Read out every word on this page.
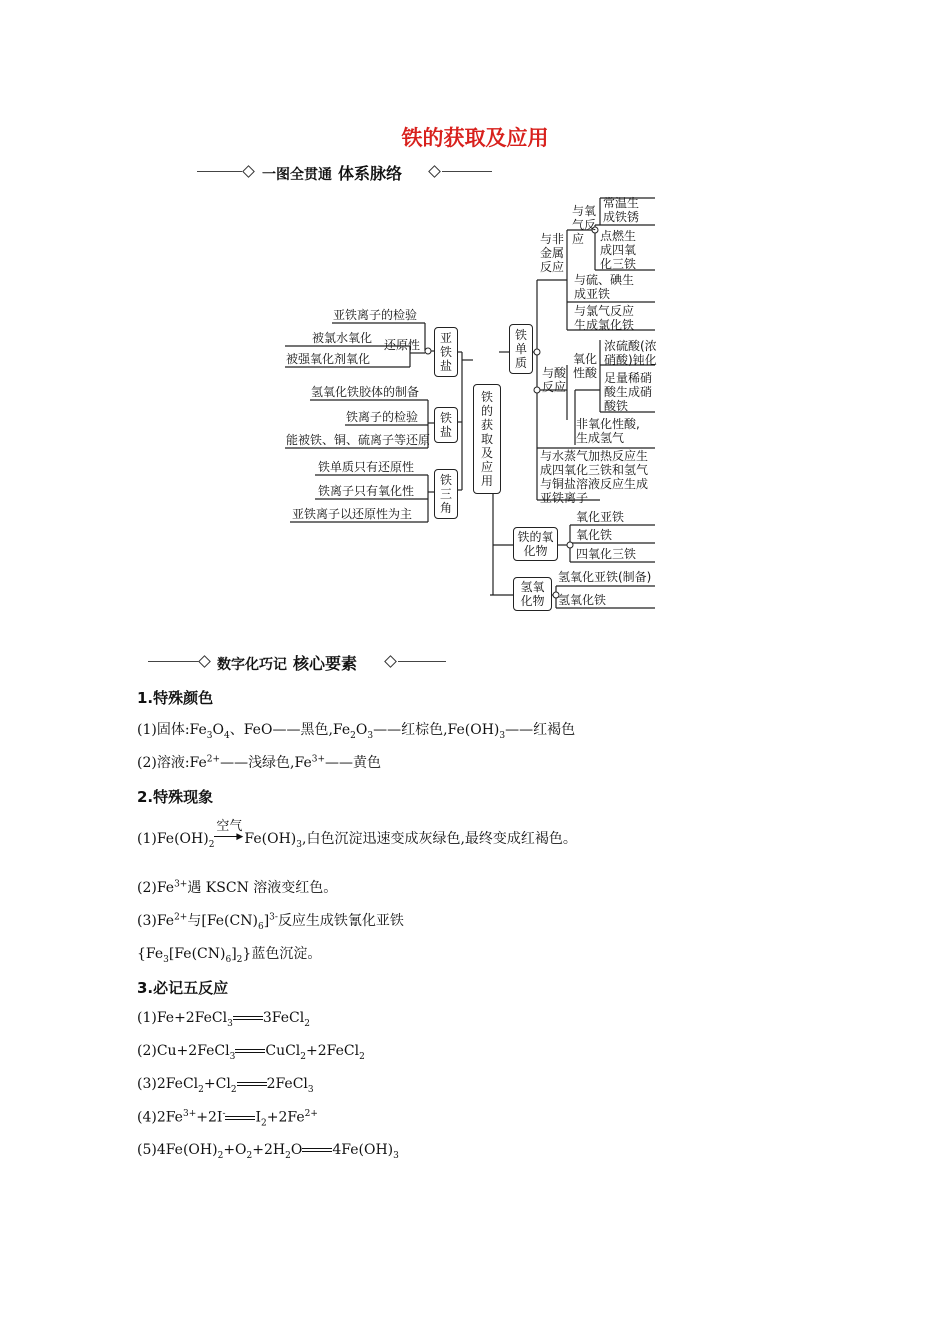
铁的获取及应用
一图全贯通 体系脉络
铁的获取及应用
亚铁盐
亚铁离子的检验
被氯水氧化
被强氧化剂氧化
还原性
铁盐
氢氧化铁胶体的制备
铁离子的检验
能被铁、铜、硫离子等还原
铁三角
铁单质只有还原性
铁离子只有氧化性
亚铁离子以还原性为主
铁单质
与非金属反应
与氧气反应
常温生成铁锈
点燃生成四氧化三铁
与硫、碘生成亚铁
与氯气反应生成氯化铁
与酸反应
氧化性酸
浓硫酸(浓硝酸)钝化
足量稀硝酸生成硝酸铁
非氧化性酸,生成氢气
与水蒸气加热反应生成四氧化三铁和氢气
与铜盐溶液反应生成亚铁离子
铁的氧化物
氧化亚铁
氧化铁
四氧化三铁
氢氧化物
氢氧化亚铁(制备)
氢氧化铁
数字化巧记 核心要素
1.特殊颜色
(1)固体$:Fe_3O_4$、FeO——黑色$,Fe_2O_3——$红棕色$,Fe(OH)_3——$红褐色
(2)溶液$:Fe^{2+}——$浅绿色$,Fe^{3+}——$黄色
2.特殊现象
$(1)Fe(OH)_2$
空气
▶ $Fe(OH)_3$,白色沉淀迅速变成灰绿色,最终变成红褐色。
$(2)Fe^{3+}$遇 KSCN 溶液变红色。
$(3)Fe^{2+}$与$[Fe(CN)_6]^{3-}$反应生成铁氰化亚铁
$\{Fe_3[Fe(CN)_6]_2\}$蓝色沉淀。
3.必记五反应
(1)Fe+2FeCl$_3$ 3FeCl$_2$
(2)Cu+2FeCl$_3$ CuCl$_2$+2FeCl$_2$
$(3)2FeCl_2+Cl_2$ 2FeCl$_3$
$(4)2Fe^{3+}+2I^-$ $I_2+2Fe^{2+}$
$(5)4Fe(OH)_2+O_2+2H_2O$ $4Fe(OH)_3$
